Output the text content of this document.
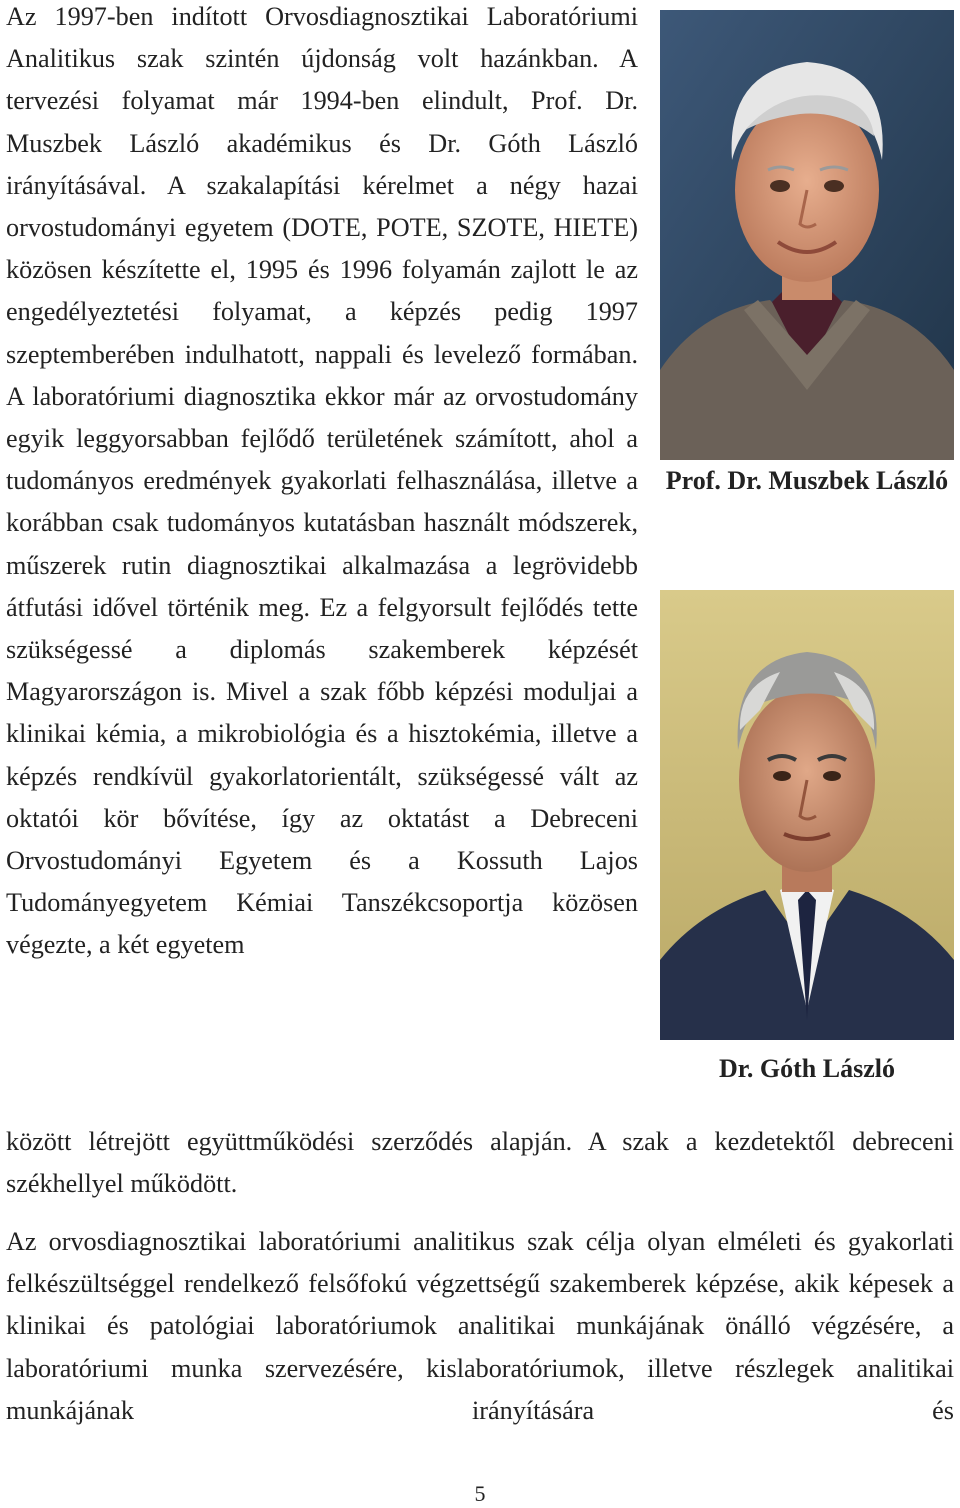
Az 1997-ben indított Orvosdiagnosztikai Laboratóriumi Analitikus szak szintén újdonság volt hazánkban. A tervezési folyamat már 1994-ben elindult, Prof. Dr. Muszbek László akadémikus és Dr. Góth László irányításával. A szakalapítási kérelmet a négy hazai orvostudományi egyetem (DOTE, POTE, SZOTE, HIETE) közösen készítette el, 1995 és 1996 folyamán zajlott le az engedélyeztetési folyamat, a képzés pedig 1997 szeptemberében indulhatott, nappali és levelező formában. A laboratóriumi diagnosztika ekkor már az orvostudomány egyik leggyorsabban fejlődő területének számított, ahol a tudományos eredmények gyakorlati felhasználása, illetve a korábban csak tudományos kutatásban használt módszerek, műszerek rutin diagnosztikai alkalmazása a legrövidebb átfutási idővel történik meg. Ez a felgyorsult fejlődés tette szükségessé a diplomás szakemberek képzését Magyarországon is. Mivel a szak főbb képzési moduljai a klinikai kémia, a mikrobiológia és a hisztokémia, illetve a képzés rendkívül gyakorlatorientált, szükségessé vált az oktatói kör bővítése, így az oktatást a Debreceni Orvostudományi Egyetem és a Kossuth Lajos Tudományegyetem Kémiai Tanszékcsoportja közösen végezte, a két egyetem

között létrejött együttműködési szerződés alapján. A szak a kezdetektől debreceni székhellyel működött.

Az orvosdiagnosztikai laboratóriumi analitikus szak célja olyan elméleti és gyakorlati felkészültséggel rendelkező felsőfokú végzettségű szakemberek képzése, akik képesek a klinikai és patológiai laboratóriumok analitikai munkájának önálló végzésére, a laboratóriumi munka szervezésére, kislaboratóriumok, illetve részlegek analitikai munkájának irányítására és

Prof. Dr. Muszbek László

Dr. Góth László

5
